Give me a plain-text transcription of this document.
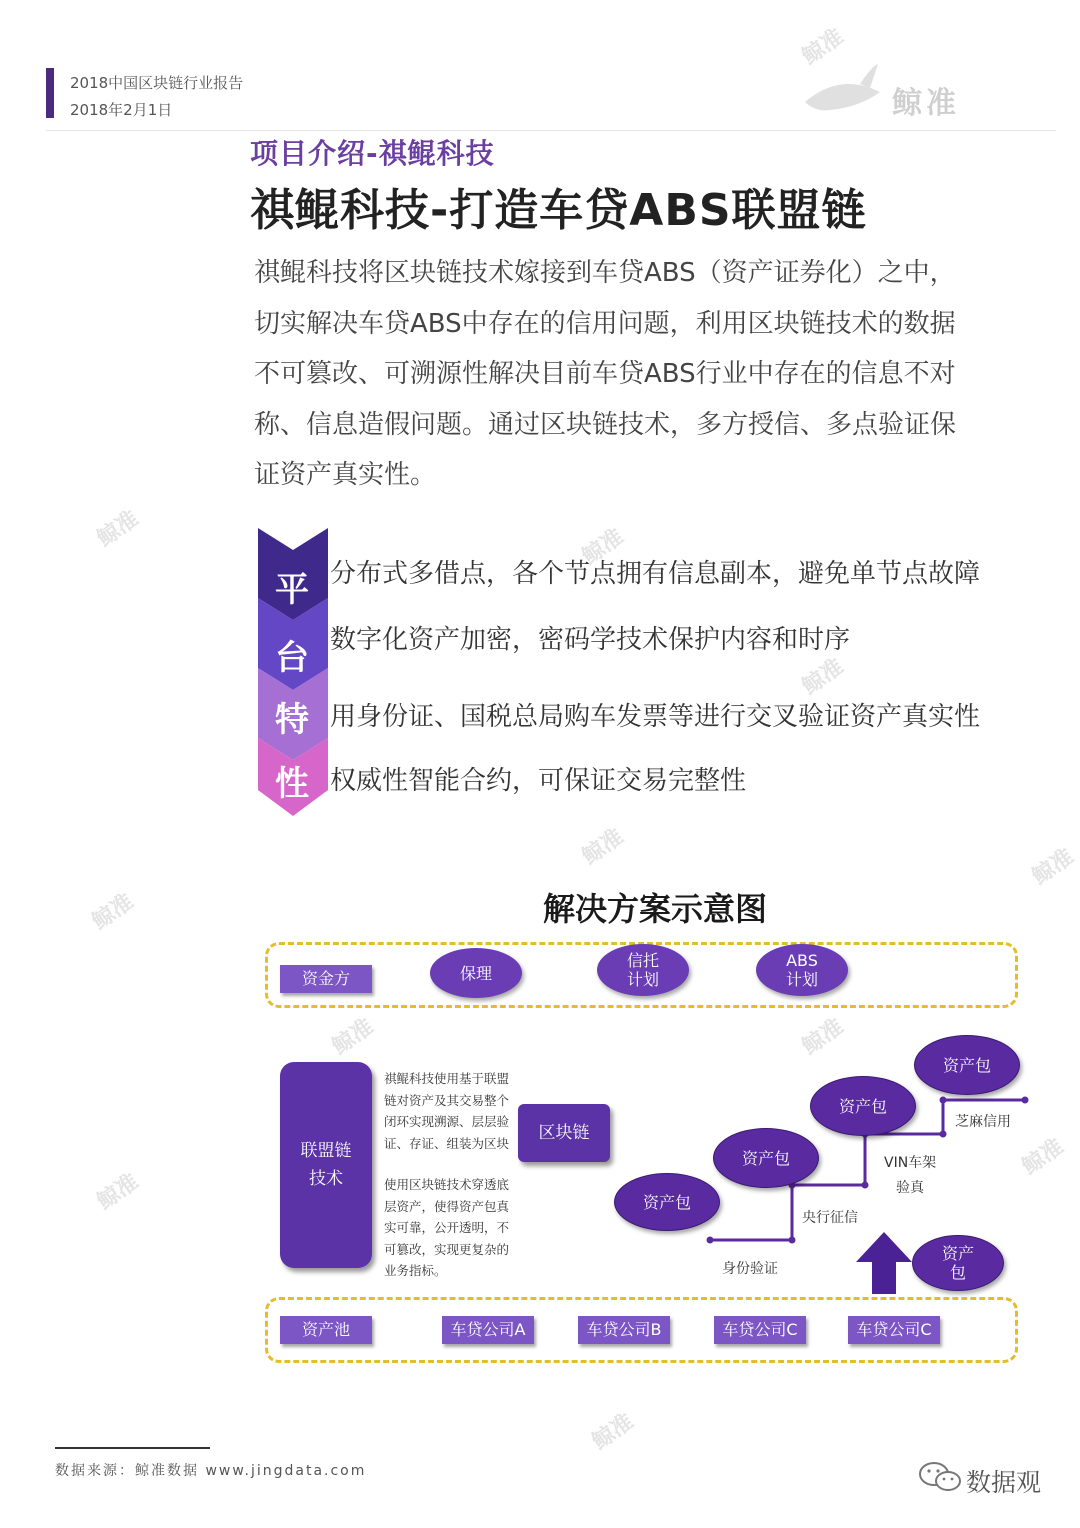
鲸准
鲸准	鲸准
鲸准
鲸准
鲸准
鲸准
鲸准	鲸准
鲸准
鲸准
鲸准
2018中国区块链行业报告
2018年2月1日	鲸准
项目介绍-祺鲲科技
祺鲲科技-打造车贷ABS联盟链
祺鲲科技将区块链技术嫁接到车贷ABS（资产证券化）之中，
切实解决车贷ABS中存在的信用问题，利用区块链技术的数据
不可篡改、可溯源性解决目前车贷ABS行业中存在的信息不对
称、信息造假问题。通过区块链技术，多方授信、多点验证保
证资产真实性。
平
台
特
性
分布式多借点，各个节点拥有信息副本，避免单节点故障
数字化资产加密，密码学技术保护内容和时序
用身份证、国税总局购车发票等进行交叉验证资产真实性
权威性智能合约，可保证交易完整性
解决方案示意图
资金方	保理
信托
计划
ABS
计划
联盟链
技术
祺鲲科技使用基于联盟链对资产及其交易整个闭环实现溯源、层层验证、存证、组装为区块
使用区块链技术穿透底层资产，使得资产包真实可靠，公开透明，不可篡改，实现更复杂的业务指标。
区块链
资产包
资产包
资产包
资产包
身份验证
央行征信
VIN车架
验真
芝麻信用
资产
包
资产池	车贷公司A	车贷公司B	车贷公司C	车贷公司C
数据来源：鲸准数据 www.jingdata.com	数据观
